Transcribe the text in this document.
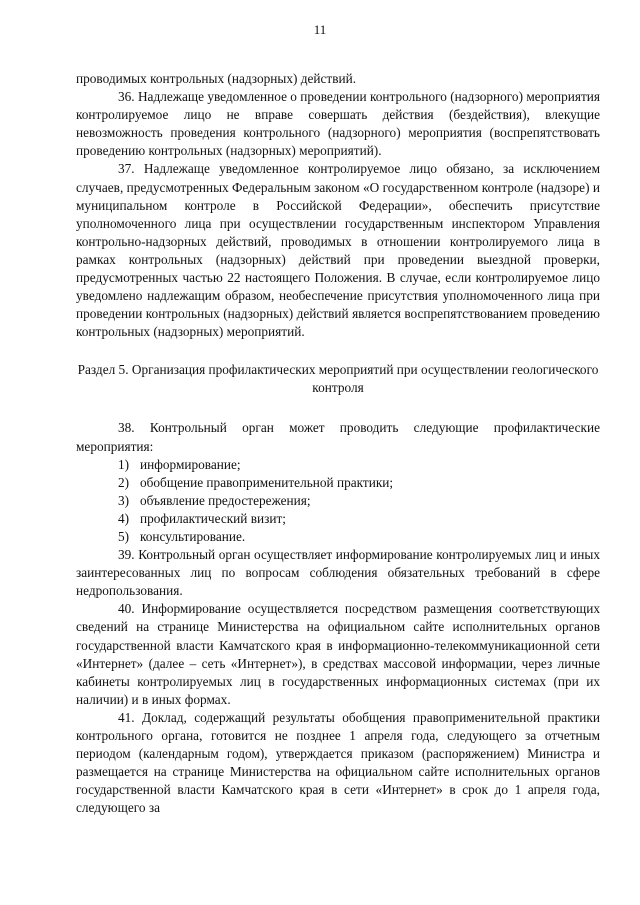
11

проводимых контрольных (надзорных) действий.

36. Надлежаще уведомленное о проведении контрольного (надзорного) мероприятия контролируемое лицо не вправе совершать действия (бездействия), влекущие невозможность проведения контрольного (надзорного) мероприятия (воспрепятствовать проведению контрольных (надзорных) мероприятий).

37. Надлежаще уведомленное контролируемое лицо обязано, за исключением случаев, предусмотренных Федеральным законом «О государственном контроле (надзоре) и муниципальном контроле в Российской Федерации», обеспечить присутствие уполномоченного лица при осуществлении государственным инспектором Управления контрольно-надзорных действий, проводимых в отношении контролируемого лица в рамках контрольных (надзорных) действий при проведении выездной проверки, предусмотренных частью 22 настоящего Положения. В случае, если контролируемое лицо уведомлено надлежащим образом, необеспечение присутствия уполномоченного лица при проведении контрольных (надзорных) действий является воспрепятствованием проведению контрольных (надзорных) мероприятий.

Раздел 5. Организация профилактических мероприятий при осуществлении геологического контроля

38. Контрольный орган может проводить следующие профилактические мероприятия:

1) информирование;

2) обобщение правоприменительной практики;

3) объявление предостережения;

4) профилактический визит;

5) консультирование.

39. Контрольный орган осуществляет информирование контролируемых лиц и иных заинтересованных лиц по вопросам соблюдения обязательных требований в сфере недропользования.

40. Информирование осуществляется посредством размещения соответствующих сведений на странице Министерства на официальном сайте исполнительных органов государственной власти Камчатского края в информационно-телекоммуникационной сети «Интернет» (далее – сеть «Интернет»), в средствах массовой информации, через личные кабинеты контролируемых лиц в государственных информационных системах (при их наличии) и в иных формах.

41. Доклад, содержащий результаты обобщения правоприменительной практики контрольного органа, готовится не позднее 1 апреля года, следующего за отчетным периодом (календарным годом), утверждается приказом (распоряжением) Министра и размещается на странице Министерства на официальном сайте исполнительных органов государственной власти Камчатского края в сети «Интернет» в срок до 1 апреля года, следующего за
